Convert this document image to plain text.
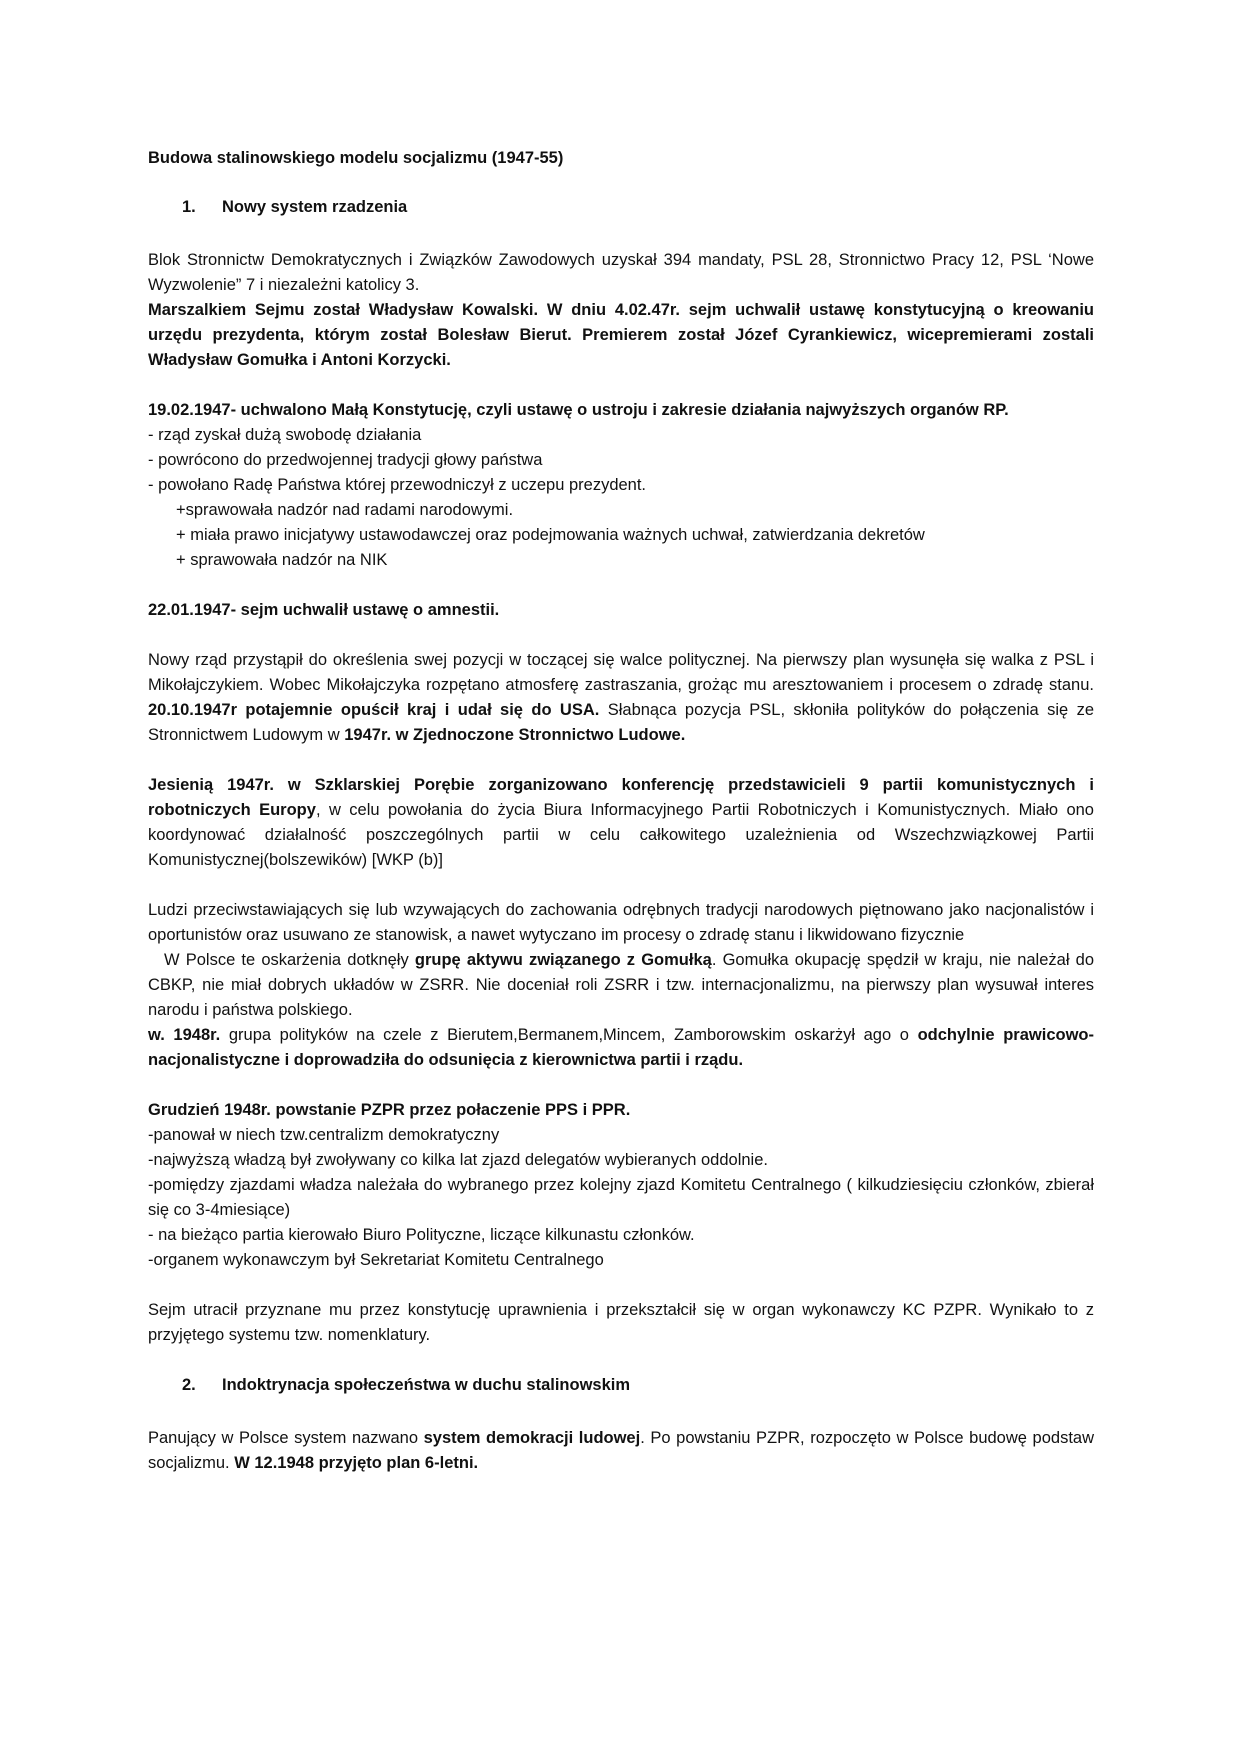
Budowa stalinowskiego modelu socjalizmu (1947-55)
1.	Nowy system rzadzenia

Blok Stronnictw Demokratycznych i Związków Zawodowych uzyskał 394 mandaty, PSL 28, Stronnictwo Pracy 12, PSL ‘Nowe Wyzwolenie” 7 i niezależni katolicy 3.

Marszalkiem Sejmu został Władysław Kowalski. W dniu 4.02.47r. sejm uchwalił ustawę konstytucyjną o kreowaniu urzędu prezydenta, którym został Bolesław Bierut. Premierem został Józef Cyrankiewicz, wicepremierami zostali Władysław Gomułka i Antoni Korzycki.

19.02.1947- uchwalono Małą Konstytucję, czyli ustawę o ustroju i zakresie działania najwyższych organów RP.

- rząd zyskał dużą swobodę działania
- powrócono do przedwojennej tradycji głowy państwa
- powołano Radę Państwa której przewodniczył z uczepu prezydent.
+sprawowała nadzór nad radami narodowymi.
+ miała prawo inicjatywy ustawodawczej oraz podejmowania ważnych uchwał, zatwierdzania dekretów
+ sprawowała nadzór na NIK

22.01.1947- sejm uchwalił ustawę o amnestii.

Nowy rząd przystąpił do określenia swej pozycji w toczącej się walce politycznej. Na pierwszy plan wysunęła się walka z PSL i Mikołajczykiem. Wobec Mikołajczyka rozpętano atmosferę zastraszania, grożąc mu aresztowaniem i procesem o zdradę stanu. 20.10.1947r potajemnie opuścił kraj i udał się do USA. Słabnąca pozycja PSL, skłoniła polityków do połączenia się ze Stronnictwem Ludowym w 1947r. w Zjednoczone Stronnictwo Ludowe.

Jesienią 1947r. w Szklarskiej Porębie zorganizowano konferencję przedstawicieli 9 partii komunistycznych i robotniczych Europy, w celu powołania do życia Biura Informacyjnego Partii Robotniczych i Komunistycznych. Miało ono koordynować działalność poszczególnych partii w celu całkowitego uzależnienia od Wszechzwiązkowej Partii Komunistycznej(bolszewików) [WKP (b)]

Ludzi przeciwstawiających się lub wzywających do zachowania odrębnych tradycji narodowych piętnowano jako nacjonalistów i oportunistów oraz usuwano ze stanowisk, a nawet wytyczano im procesy o zdradę stanu i likwidowano fizycznie

W Polsce te oskarżenia dotknęły grupę aktywu związanego z Gomułką. Gomułka okupację spędził w kraju, nie należał do CBKP, nie miał dobrych układów w ZSRR. Nie doceniał roli ZSRR i tzw. internacjonalizmu, na pierwszy plan wysuwał interes narodu i państwa polskiego.

w. 1948r. grupa polityków na czele z Bierutem,Bermanem,Mincem, Zamborowskim oskarżył ago o odchylnie prawicowo-nacjonalistyczne i doprowadziła do odsunięcia z kierownictwa partii i rządu.

Grudzień 1948r. powstanie PZPR przez połaczenie PPS i PPR.

-panował w niech tzw.centralizm demokratyczny
-najwyższą władzą był zwoływany co kilka lat zjazd delegatów wybieranych oddolnie.

-pomiędzy zjazdami władza należała do wybranego przez kolejny zjazd Komitetu Centralnego ( kilkudziesięciu członków, zbierał się co 3-4miesiące)

- na bieżąco partia kierowało Biuro Polityczne, liczące kilkunastu członków.
-organem wykonawczym był Sekretariat Komitetu Centralnego

Sejm utracił przyznane mu przez konstytucję uprawnienia i przekształcił się w organ wykonawczy KC PZPR. Wynikało to z przyjętego systemu tzw. nomenklatury.

2.	Indoktrynacja społeczeństwa w duchu stalinowskim

Panujący w Polsce system nazwano system demokracji ludowej. Po powstaniu PZPR, rozpoczęto w Polsce budowę podstaw socjalizmu. W 12.1948 przyjęto plan 6-letni.
